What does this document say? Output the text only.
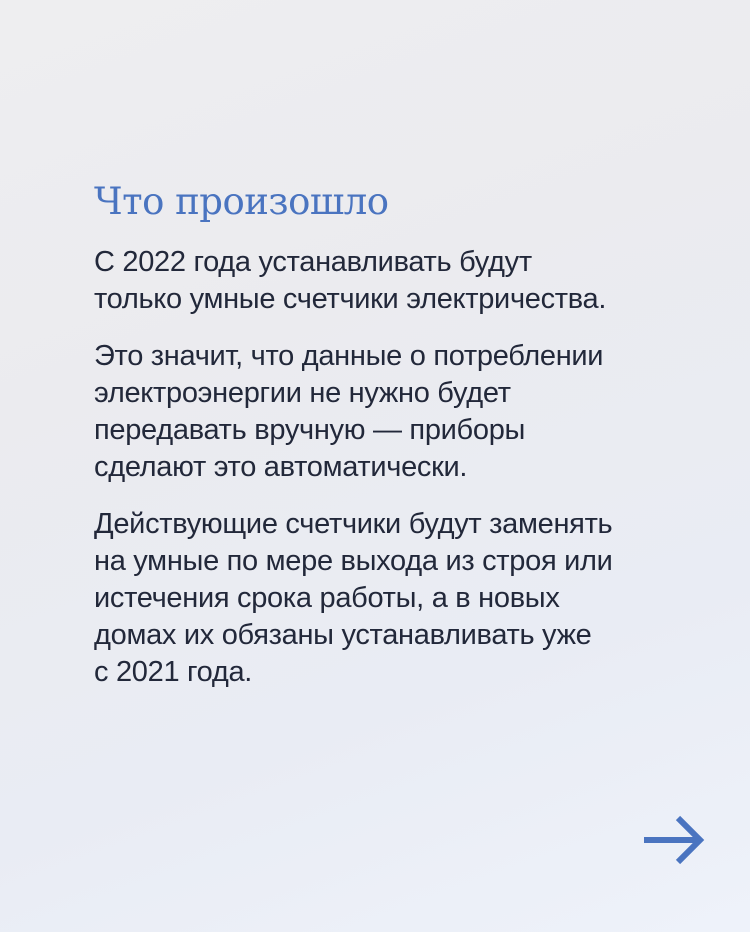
Что произошло

С 2022 года устанавливать будут
только умные счетчики электричества.

Это значит, что данные о потреблении
электроэнергии не нужно будет
передавать вручную — приборы
сделают это автоматически.

Действующие счетчики будут заменять
на умные по мере выхода из строя или
истечения срока работы, а в новых
домах их обязаны устанавливать уже
с 2021 года.
